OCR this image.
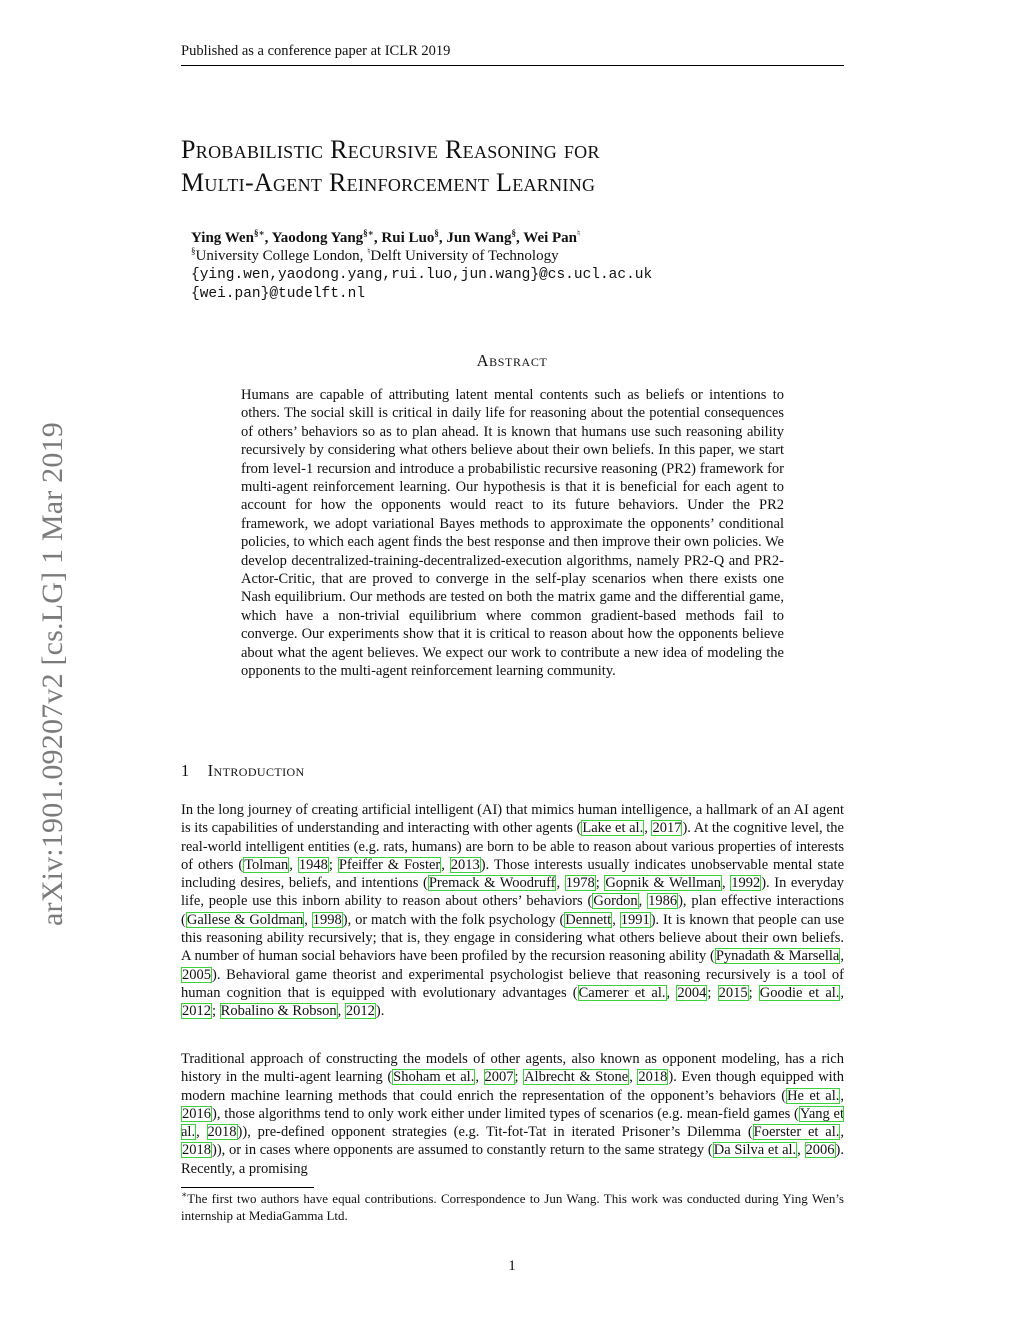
Published as a conference paper at ICLR 2019
Probabilistic Recursive Reasoning for
Multi-Agent Reinforcement Learning
Ying Wen§∗, Yaodong Yang§∗, Rui Luo§, Jun Wang§, Wei Pan♮
§University College London, ♮Delft University of Technology
{ying.wen,yaodong.yang,rui.luo,jun.wang}@cs.ucl.ac.uk
{wei.pan}@tudelft.nl
Abstract
Humans are capable of attributing latent mental contents such as beliefs or intentions to others. The social skill is critical in daily life for reasoning about the potential consequences of others’ behaviors so as to plan ahead. It is known that humans use such reasoning ability recursively by considering what others believe about their own beliefs. In this paper, we start from level-1 recursion and introduce a probabilistic recursive reasoning (PR2) framework for multi-agent reinforcement learning. Our hypothesis is that it is beneficial for each agent to account for how the opponents would react to its future behaviors. Under the PR2 framework, we adopt variational Bayes methods to approximate the opponents’ conditional policies, to which each agent finds the best response and then improve their own policies. We develop decentralized-training-decentralized-execution algorithms, namely PR2-Q and PR2-Actor-Critic, that are proved to converge in the self-play scenarios when there exists one Nash equilibrium. Our methods are tested on both the matrix game and the differential game, which have a non-trivial equilibrium where common gradient-based methods fail to converge. Our experiments show that it is critical to reason about how the opponents believe about what the agent believes. We expect our work to contribute a new idea of modeling the opponents to the multi-agent reinforcement learning community.
1 Introduction
In the long journey of creating artificial intelligent (AI) that mimics human intelligence, a hallmark of an AI agent is its capabilities of understanding and interacting with other agents (Lake et al., 2017). At the cognitive level, the real-world intelligent entities (e.g. rats, humans) are born to be able to reason about various properties of interests of others (Tolman, 1948; Pfeiffer & Foster, 2013). Those interests usually indicates unobservable mental state including desires, beliefs, and intentions (Premack & Woodruff, 1978; Gopnik & Wellman, 1992). In everyday life, people use this inborn ability to reason about others’ behaviors (Gordon, 1986), plan effective interactions (Gallese & Goldman, 1998), or match with the folk psychology (Dennett, 1991). It is known that people can use this reasoning ability recursively; that is, they engage in considering what others believe about their own beliefs. A number of human social behaviors have been profiled by the recursion reasoning ability (Pynadath & Marsella, 2005). Behavioral game theorist and experimental psychologist believe that reasoning recursively is a tool of human cognition that is equipped with evolutionary advantages (Camerer et al., 2004; 2015; Goodie et al., 2012; Robalino & Robson, 2012).
Traditional approach of constructing the models of other agents, also known as opponent modeling, has a rich history in the multi-agent learning (Shoham et al., 2007; Albrecht & Stone, 2018). Even though equipped with modern machine learning methods that could enrich the representation of the opponent’s behaviors (He et al., 2016), those algorithms tend to only work either under limited types of scenarios (e.g. mean-field games (Yang et al., 2018)), pre-defined opponent strategies (e.g. Tit-fot-Tat in iterated Prisoner’s Dilemma (Foerster et al., 2018)), or in cases where opponents are assumed to constantly return to the same strategy (Da Silva et al., 2006). Recently, a promising
∗The first two authors have equal contributions. Correspondence to Jun Wang. This work was conducted during Ying Wen’s internship at MediaGamma Ltd.
1
arXiv:1901.09207v2 [cs.LG] 1 Mar 2019
